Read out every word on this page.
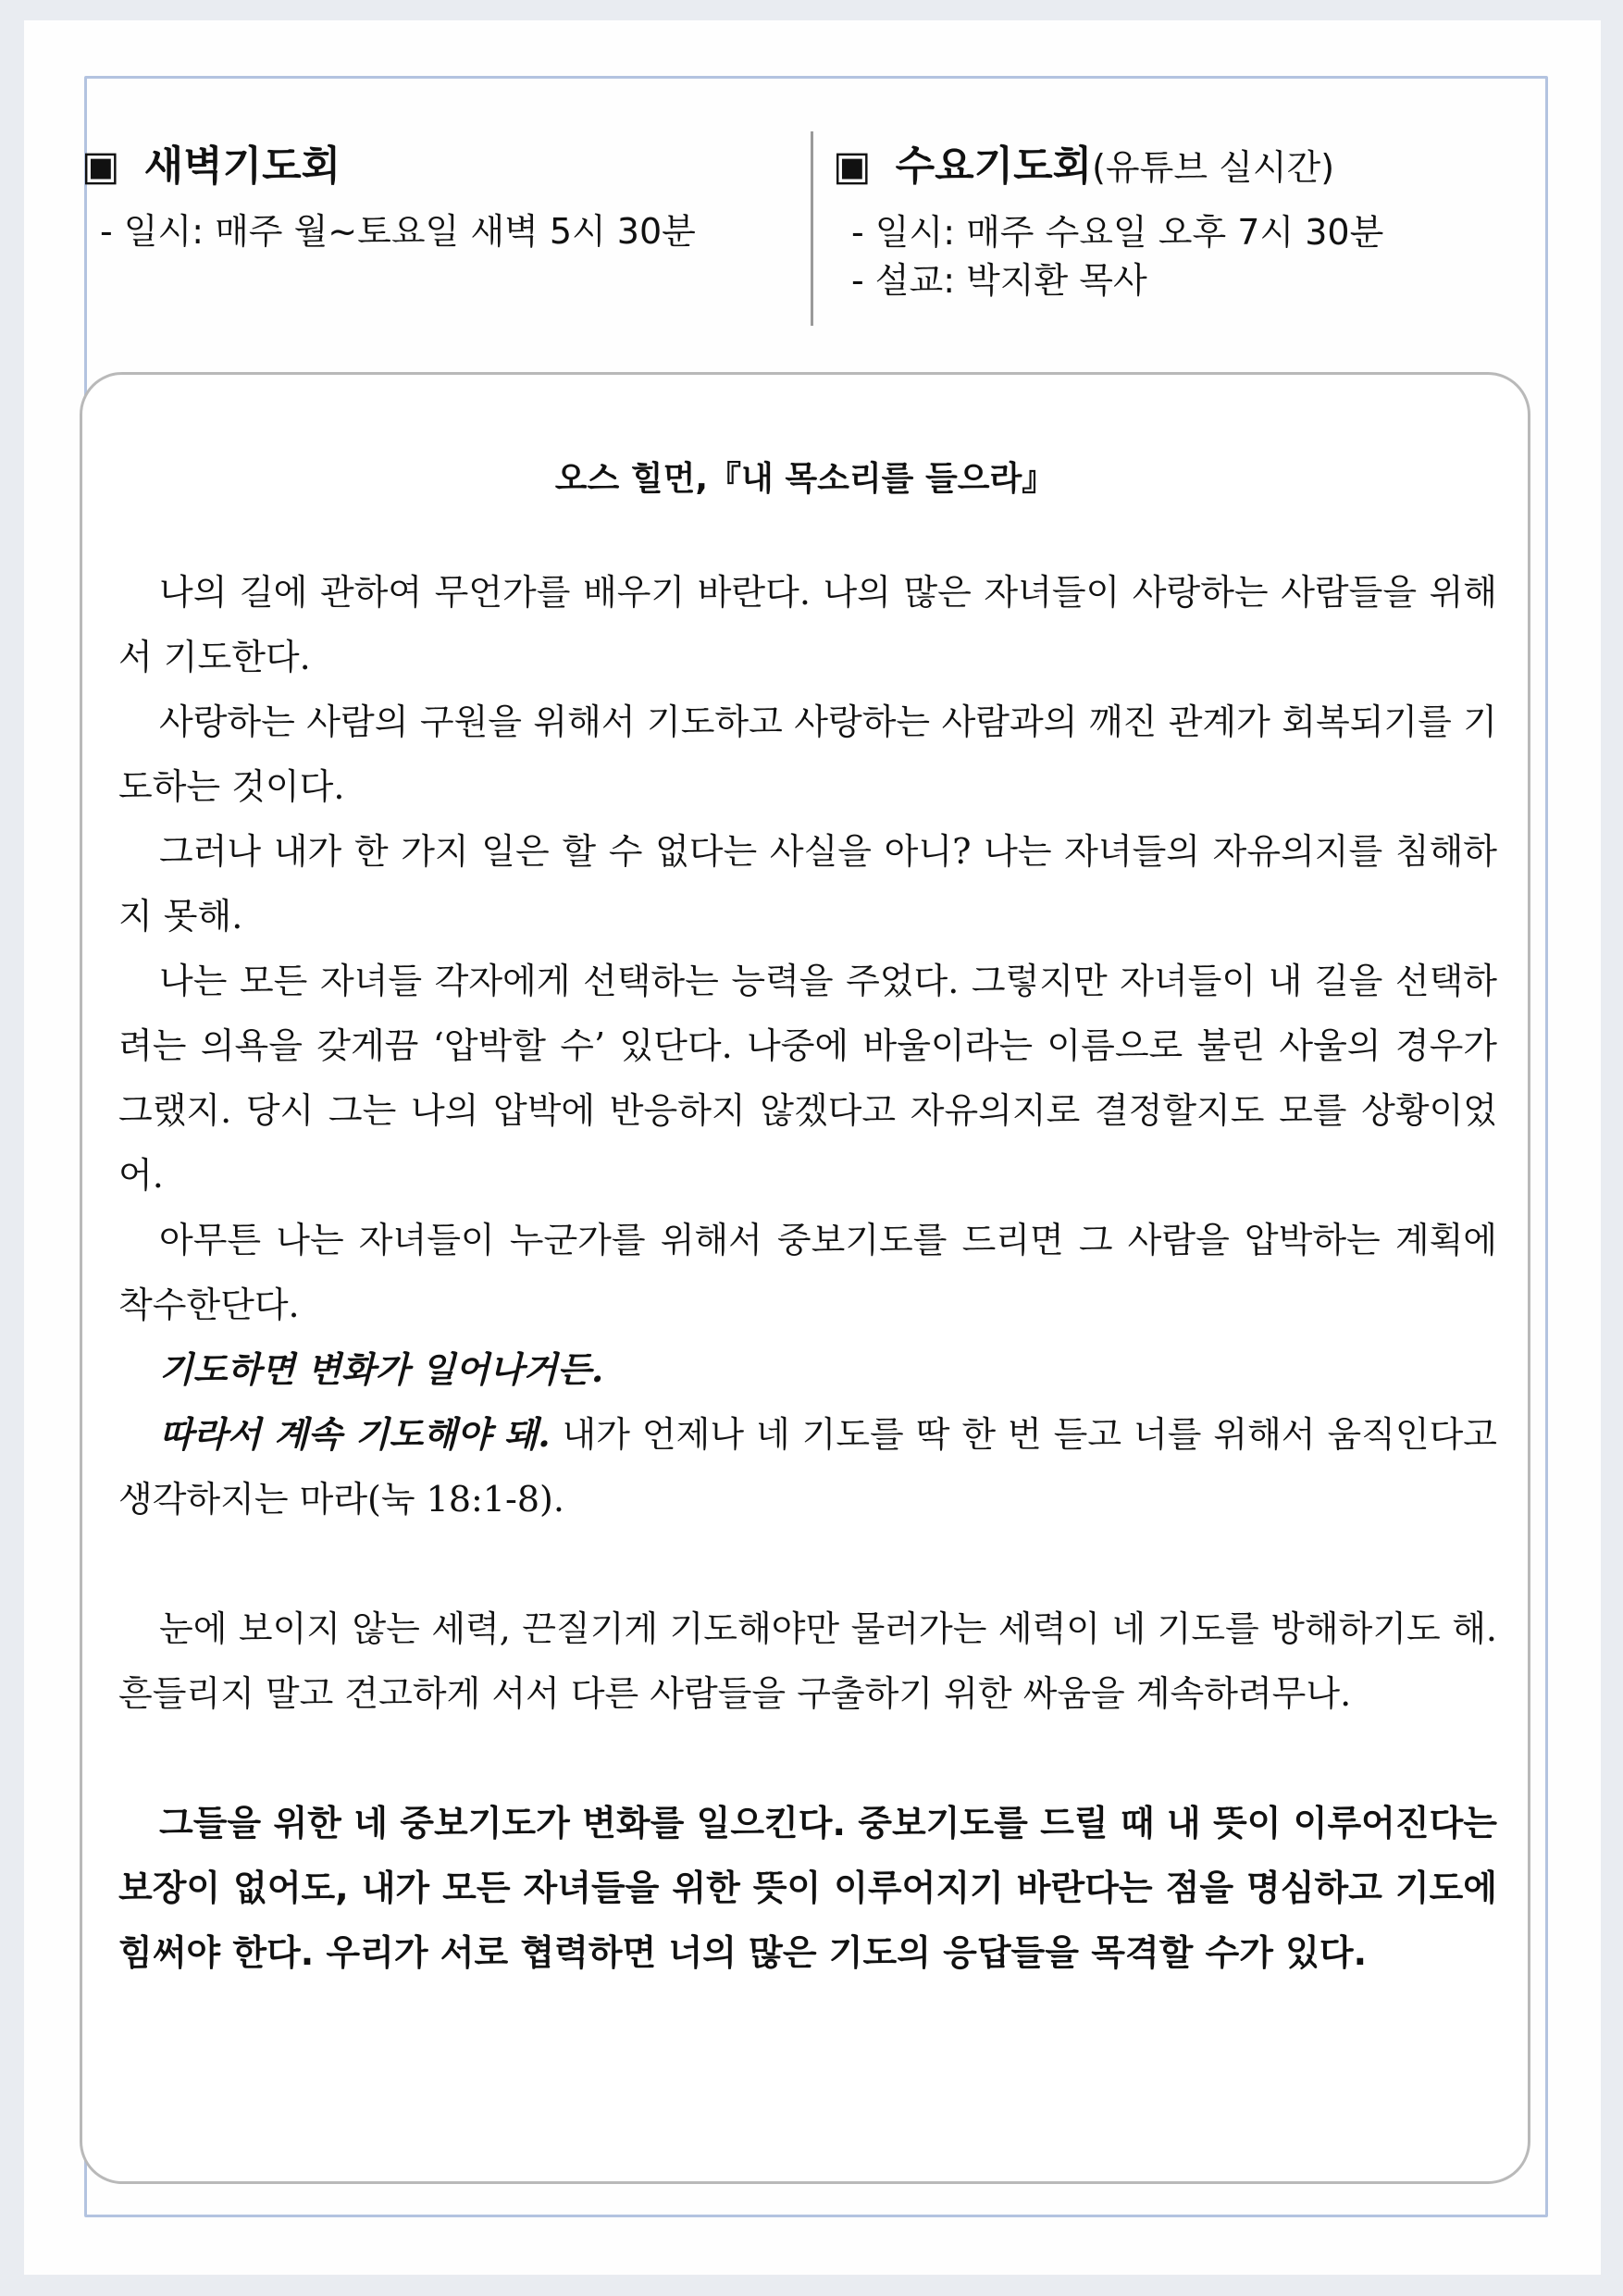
▣ 새벽기도회
- 일시: 매주 월~토요일 새벽 5시 30분
▣ 수요기도회(유튜브 실시간)
- 일시: 매주 수요일 오후 7시 30분
- 설교: 박지환 목사
오스 힐먼,『내 목소리를 들으라』

나의 길에 관하여 무언가를 배우기 바란다. 나의 많은 자녀들이 사랑하는 사람들을 위해서 기도한다.

사랑하는 사람의 구원을 위해서 기도하고 사랑하는 사람과의 깨진 관계가 회복되기를 기도하는 것이다.

그러나 내가 한 가지 일은 할 수 없다는 사실을 아니? 나는 자녀들의 자유의지를 침해하지 못해.

나는 모든 자녀들 각자에게 선택하는 능력을 주었다. 그렇지만 자녀들이 내 길을 선택하려는 의욕을 갖게끔 ‘압박할 수’ 있단다. 나중에 바울이라는 이름으로 불린 사울의 경우가 그랬지. 당시 그는 나의 압박에 반응하지 않겠다고 자유의지로 결정할지도 모를 상황이었어.

아무튼 나는 자녀들이 누군가를 위해서 중보기도를 드리면 그 사람을 압박하는 계획에 착수한단다.

기도하면 변화가 일어나거든.

따라서 계속 기도해야 돼. 내가 언제나 네 기도를 딱 한 번 듣고 너를 위해서 움직인다고 생각하지는 마라(눅 18:1-8).

눈에 보이지 않는 세력, 끈질기게 기도해야만 물러가는 세력이 네 기도를 방해하기도 해. 흔들리지 말고 견고하게 서서 다른 사람들을 구출하기 위한 싸움을 계속하려무나.

그들을 위한 네 중보기도가 변화를 일으킨다. 중보기도를 드릴 때 내 뜻이 이루어진다는 보장이 없어도, 내가 모든 자녀들을 위한 뜻이 이루어지기 바란다는 점을 명심하고 기도에 힘써야 한다. 우리가 서로 협력하면 너의 많은 기도의 응답들을 목격할 수가 있다.
